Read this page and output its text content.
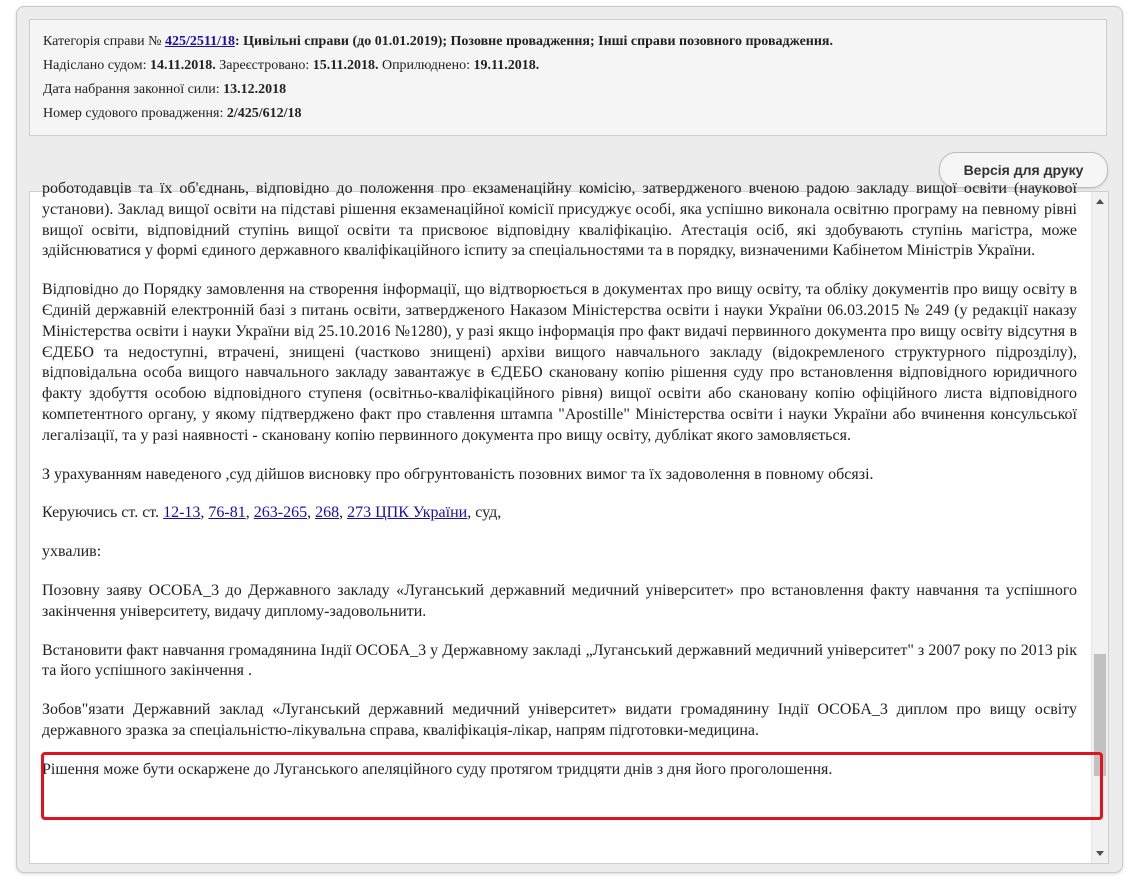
Категорія справи № 425/2511/18: Цивільні справи (до 01.01.2019); Позовне провадження; Інші справи позовного провадження.
Надіслано судом: 14.11.2018. Зареєстровано: 15.11.2018. Оприлюднено: 19.11.2018.
Дата набрання законної сили: 13.12.2018
Номер судового провадження: 2/425/612/18
Версія для друку

роботодавців та їх об'єднань, відповідно до положення про екзаменаційну комісію, затвердженого вченою радою закладу вищої освіти (наукової установи). Заклад вищої освіти на підставі рішення екзаменаційної комісії присуджує особі, яка успішно виконала освітню програму на певному рівні вищої освіти, відповідний ступінь вищої освіти та присвоює відповідну кваліфікацію. Атестація осіб, які здобувають ступінь магістра, може здійснюватися у формі єдиного державного кваліфікаційного іспиту за спеціальностями та в порядку, визначеними Кабінетом Міністрів України.

Відповідно до Порядку замовлення на створення інформації, що відтворюється в документах про вищу освіту, та обліку документів про вищу освіту в Єдиній державній електронній базі з питань освіти, затвердженого Наказом Міністерства освіти і науки України 06.03.2015 № 249 (у редакції наказу Міністерства освіти і науки України від 25.10.2016 №1280), у разі якщо інформація про факт видачі первинного документа про вищу освіту відсутня в ЄДЕБО та недоступні, втрачені, знищені (частково знищені) архіви вищого навчального закладу (відокремленого структурного підрозділу), відповідальна особа вищого навчального закладу завантажує в ЄДЕБО скановану копію рішення суду про встановлення відповідного юридичного факту здобуття особою відповідного ступеня (освітньо-кваліфікаційного рівня) вищої освіти або скановану копію офіційного листа відповідного компетентного органу, у якому підтверджено факт про ставлення штампа "Apostille" Міністерства освіти і науки України або вчинення консульської легалізації, та у разі наявності - скановану копію первинного документа про вищу освіту, дублікат якого замовляється.

З урахуванням наведеного ,суд дійшов висновку про обгрунтованість позовних вимог та їх задоволення в повному обсязі.

Керуючись ст. ст. 12-13, 76-81, 263-265, 268, 273 ЦПК України, суд,

ухвалив:

Позовну заяву ОСОБА_3 до Державного закладу «Луганський державний медичний університет» про встановлення факту навчання та успішного закінчення університету, видачу диплому-задовольнити.

Встановити факт навчання громадянина Індії ОСОБА_3 у Державному закладі „Луганський державний медичний університет" з 2007 року по 2013 рік та його успішного закінчення .

Зобов"язати Державний заклад «Луганський державний медичний університет» видати громадянину Індії ОСОБА_3 диплом про вищу освіту державного зразка за спеціальністю-лікувальна справа, кваліфікація-лікар, напрям підготовки-медицина.

Рішення може бути оскаржене до Луганського апеляційного суду протягом тридцяти днів з дня його проголошення.
